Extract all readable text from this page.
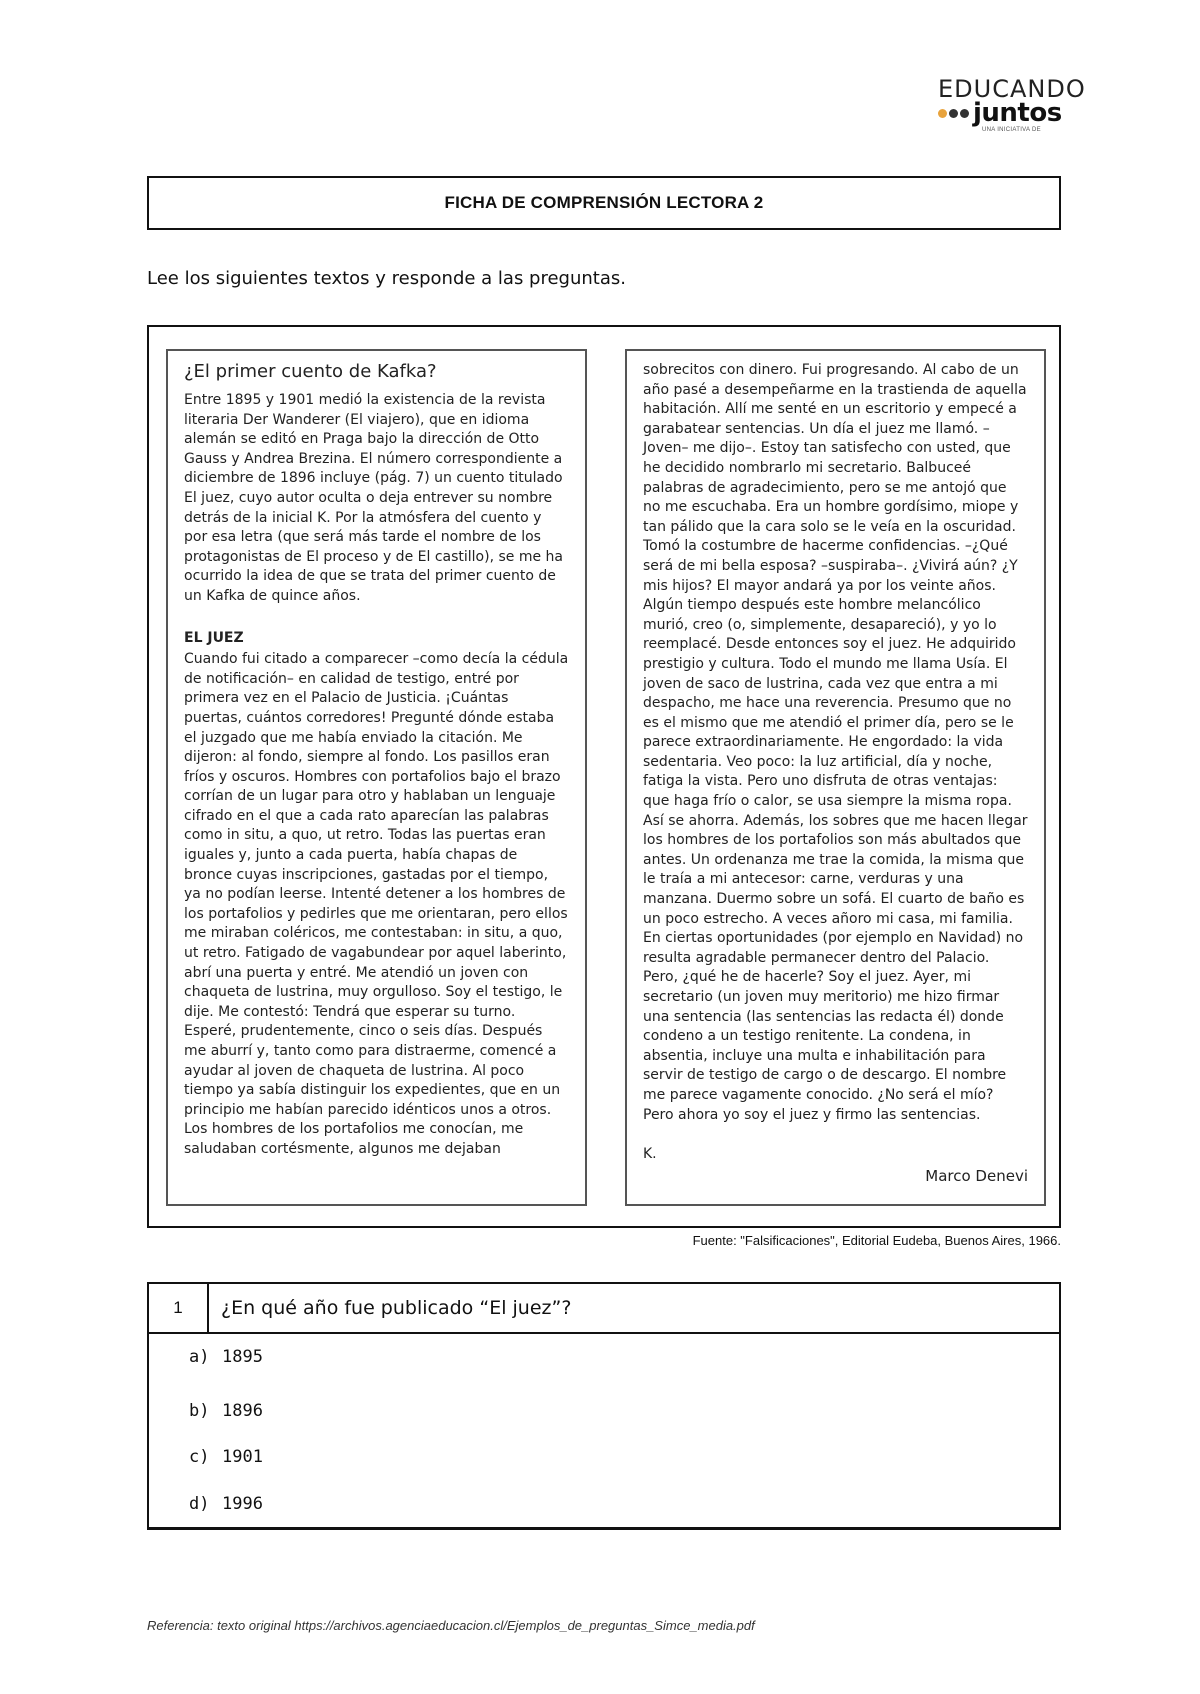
EDUCANDO
juntos
UNA INICIATIVA DE
FICHA DE COMPRENSIÓN LECTORA 2
Lee los siguientes textos y responde a las preguntas.

¿El primer cuento de Kafka?

Entre 1895 y 1901 medió la existencia de la revista literaria Der Wanderer (El viajero), que en idioma alemán se editó en Praga bajo la dirección de Otto Gauss y Andrea Brezina. El número correspondiente a diciembre de 1896 incluye (pág. 7) un cuento titulado El juez, cuyo autor oculta o deja entrever su nombre detrás de la inicial K. Por la atmósfera del cuento y por esa letra (que será más tarde el nombre de los protagonistas de El proceso y de El castillo), se me ha ocurrido la idea de que se trata del primer cuento de un Kafka de quince años.

EL JUEZ

Cuando fui citado a comparecer –como decía la cédula de notificación– en calidad de testigo, entré por primera vez en el Palacio de Justicia. ¡Cuántas puertas, cuántos corredores! Pregunté dónde estaba el juzgado que me había enviado la citación. Me dijeron: al fondo, siempre al fondo. Los pasillos eran fríos y oscuros. Hombres con portafolios bajo el brazo corrían de un lugar para otro y hablaban un lenguaje cifrado en el que a cada rato aparecían las palabras como in situ, a quo, ut retro. Todas las puertas eran iguales y, junto a cada puerta, había chapas de bronce cuyas inscripciones, gastadas por el tiempo, ya no podían leerse. Intenté detener a los hombres de los portafolios y pedirles que me orientaran, pero ellos me miraban coléricos, me contestaban: in situ, a quo, ut retro. Fatigado de vagabundear por aquel laberinto, abrí una puerta y entré. Me atendió un joven con chaqueta de lustrina, muy orgulloso. Soy el testigo, le dije. Me contestó: Tendrá que esperar su turno. Esperé, prudentemente, cinco o seis días. Después me aburrí y, tanto como para distraerme, comencé a ayudar al joven de chaqueta de lustrina. Al poco tiempo ya sabía distinguir los expedientes, que en un principio me habían parecido idénticos unos a otros. Los hombres de los portafolios me conocían, me saludaban cortésmente, algunos me dejaban

sobrecitos con dinero. Fui progresando. Al cabo de un año pasé a desempeñarme en la trastienda de aquella habitación. Allí me senté en un escritorio y empecé a garabatear sentencias. Un día el juez me llamó. –Joven– me dijo–. Estoy tan satisfecho con usted, que he decidido nombrarlo mi secretario. Balbuceé palabras de agradecimiento, pero se me antojó que no me escuchaba. Era un hombre gordísimo, miope y tan pálido que la cara solo se le veía en la oscuridad. Tomó la costumbre de hacerme confidencias. –¿Qué será de mi bella esposa? –suspiraba–. ¿Vivirá aún? ¿Y mis hijos? El mayor andará ya por los veinte años. Algún tiempo después este hombre melancólico murió, creo (o, simplemente, desapareció), y yo lo reemplacé. Desde entonces soy el juez. He adquirido prestigio y cultura. Todo el mundo me llama Usía. El joven de saco de lustrina, cada vez que entra a mi despacho, me hace una reverencia. Presumo que no es el mismo que me atendió el primer día, pero se le parece extraordinariamente. He engordado: la vida sedentaria. Veo poco: la luz artificial, día y noche, fatiga la vista. Pero uno disfruta de otras ventajas: que haga frío o calor, se usa siempre la misma ropa. Así se ahorra. Además, los sobres que me hacen llegar los hombres de los portafolios son más abultados que antes. Un ordenanza me trae la comida, la misma que le traía a mi antecesor: carne, verduras y una manzana. Duermo sobre un sofá. El cuarto de baño es un poco estrecho. A veces añoro mi casa, mi familia. En ciertas oportunidades (por ejemplo en Navidad) no resulta agradable permanecer dentro del Palacio. Pero, ¿qué he de hacerle? Soy el juez. Ayer, mi secretario (un joven muy meritorio) me hizo firmar una sentencia (las sentencias las redacta él) donde condeno a un testigo renitente. La condena, in absentia, incluye una multa e inhabilitación para servir de testigo de cargo o de descargo. El nombre me parece vagamente conocido. ¿No será el mío? Pero ahora yo soy el juez y firmo las sentencias.

K.

Marco Denevi

Fuente: "Falsificaciones", Editorial Eudeba, Buenos Aires, 1966.
1	¿En qué año fue publicado “El juez”?
a) 1895
b) 1896
c) 1901
d) 1996
Referencia: texto original https://archivos.agenciaeducacion.cl/Ejemplos_de_preguntas_Simce_media.pdf
